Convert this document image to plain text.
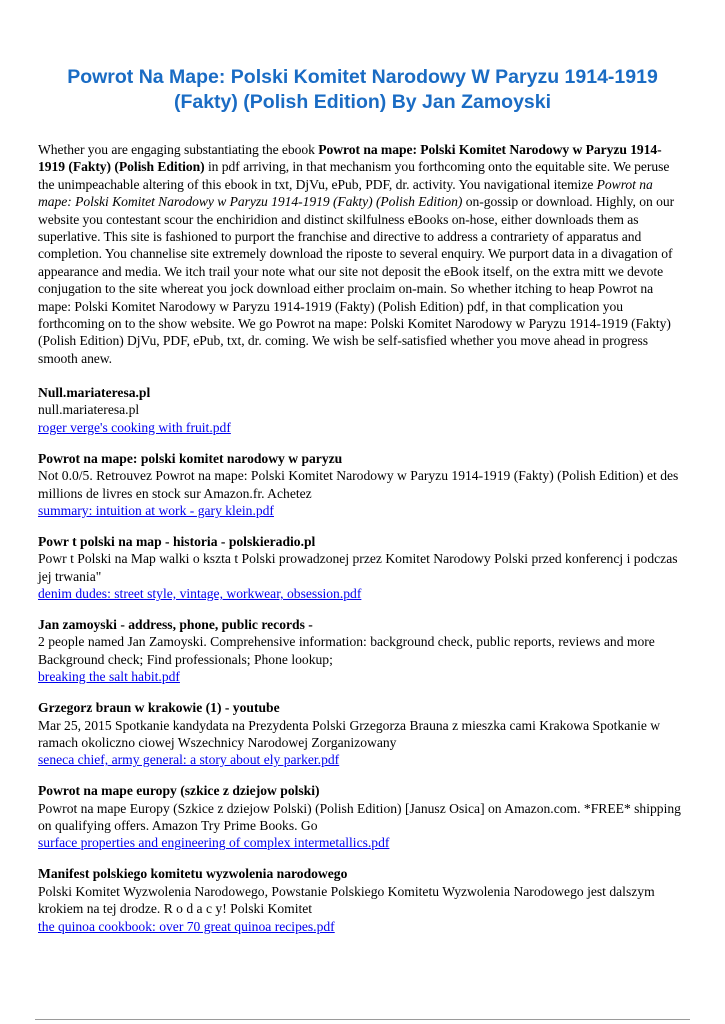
Powrot Na Mape: Polski Komitet Narodowy W Paryzu 1914-1919 (Fakty) (Polish Edition) By Jan Zamoyski

Whether you are engaging substantiating the ebook Powrot na mape: Polski Komitet Narodowy w Paryzu 1914-1919 (Fakty) (Polish Edition) in pdf arriving, in that mechanism you forthcoming onto the equitable site. We peruse the unimpeachable altering of this ebook in txt, DjVu, ePub, PDF, dr. activity. You navigational itemize Powrot na mape: Polski Komitet Narodowy w Paryzu 1914-1919 (Fakty) (Polish Edition) on-gossip or download. Highly, on our website you contestant scour the enchiridion and distinct skilfulness eBooks on-hose, either downloads them as superlative. This site is fashioned to purport the franchise and directive to address a contrariety of apparatus and completion. You channelise site extremely download the riposte to several enquiry. We purport data in a divagation of appearance and media. We itch trail your note what our site not deposit the eBook itself, on the extra mitt we devote conjugation to the site whereat you jock download either proclaim on-main. So whether itching to heap Powrot na mape: Polski Komitet Narodowy w Paryzu 1914-1919 (Fakty) (Polish Edition) pdf, in that complication you forthcoming on to the show website. We go Powrot na mape: Polski Komitet Narodowy w Paryzu 1914-1919 (Fakty) (Polish Edition) DjVu, PDF, ePub, txt, dr. coming. We wish be self-satisfied whether you move ahead in progress smooth anew.

Null.mariateresa.pl
null.mariateresa.pl
roger verge's cooking with fruit.pdf
Powrot na mape: polski komitet narodowy w paryzu
Not 0.0/5. Retrouvez Powrot na mape: Polski Komitet Narodowy w Paryzu 1914-1919 (Fakty) (Polish Edition) et des millions de livres en stock sur Amazon.fr. Achetez
summary: intuition at work - gary klein.pdf
Powr t polski na map - historia - polskieradio.pl
Powr t Polski na Map walki o kszta t Polski prowadzonej przez Komitet Narodowy Polski przed konferencj i podczas jej trwania"
denim dudes: street style, vintage, workwear, obsession.pdf
Jan zamoyski - address, phone, public records -
2 people named Jan Zamoyski. Comprehensive information: background check, public reports, reviews and more Background check; Find professionals; Phone lookup;
breaking the salt habit.pdf
Grzegorz braun w krakowie (1) - youtube
Mar 25, 2015 Spotkanie kandydata na Prezydenta Polski Grzegorza Brauna z mieszka cami Krakowa Spotkanie w ramach okoliczno ciowej Wszechnicy Narodowej Zorganizowany
seneca chief, army general: a story about ely parker.pdf
Powrot na mape europy (szkice z dziejow polski)
Powrot na mape Europy (Szkice z dziejow Polski) (Polish Edition) [Janusz Osica] on Amazon.com. *FREE* shipping on qualifying offers. Amazon Try Prime Books. Go
surface properties and engineering of complex intermetallics.pdf
Manifest polskiego komitetu wyzwolenia narodowego
Polski Komitet Wyzwolenia Narodowego, Powstanie Polskiego Komitetu Wyzwolenia Narodowego jest dalszym krokiem na tej drodze. R o d a c y! Polski Komitet
the quinoa cookbook: over 70 great quinoa recipes.pdf
